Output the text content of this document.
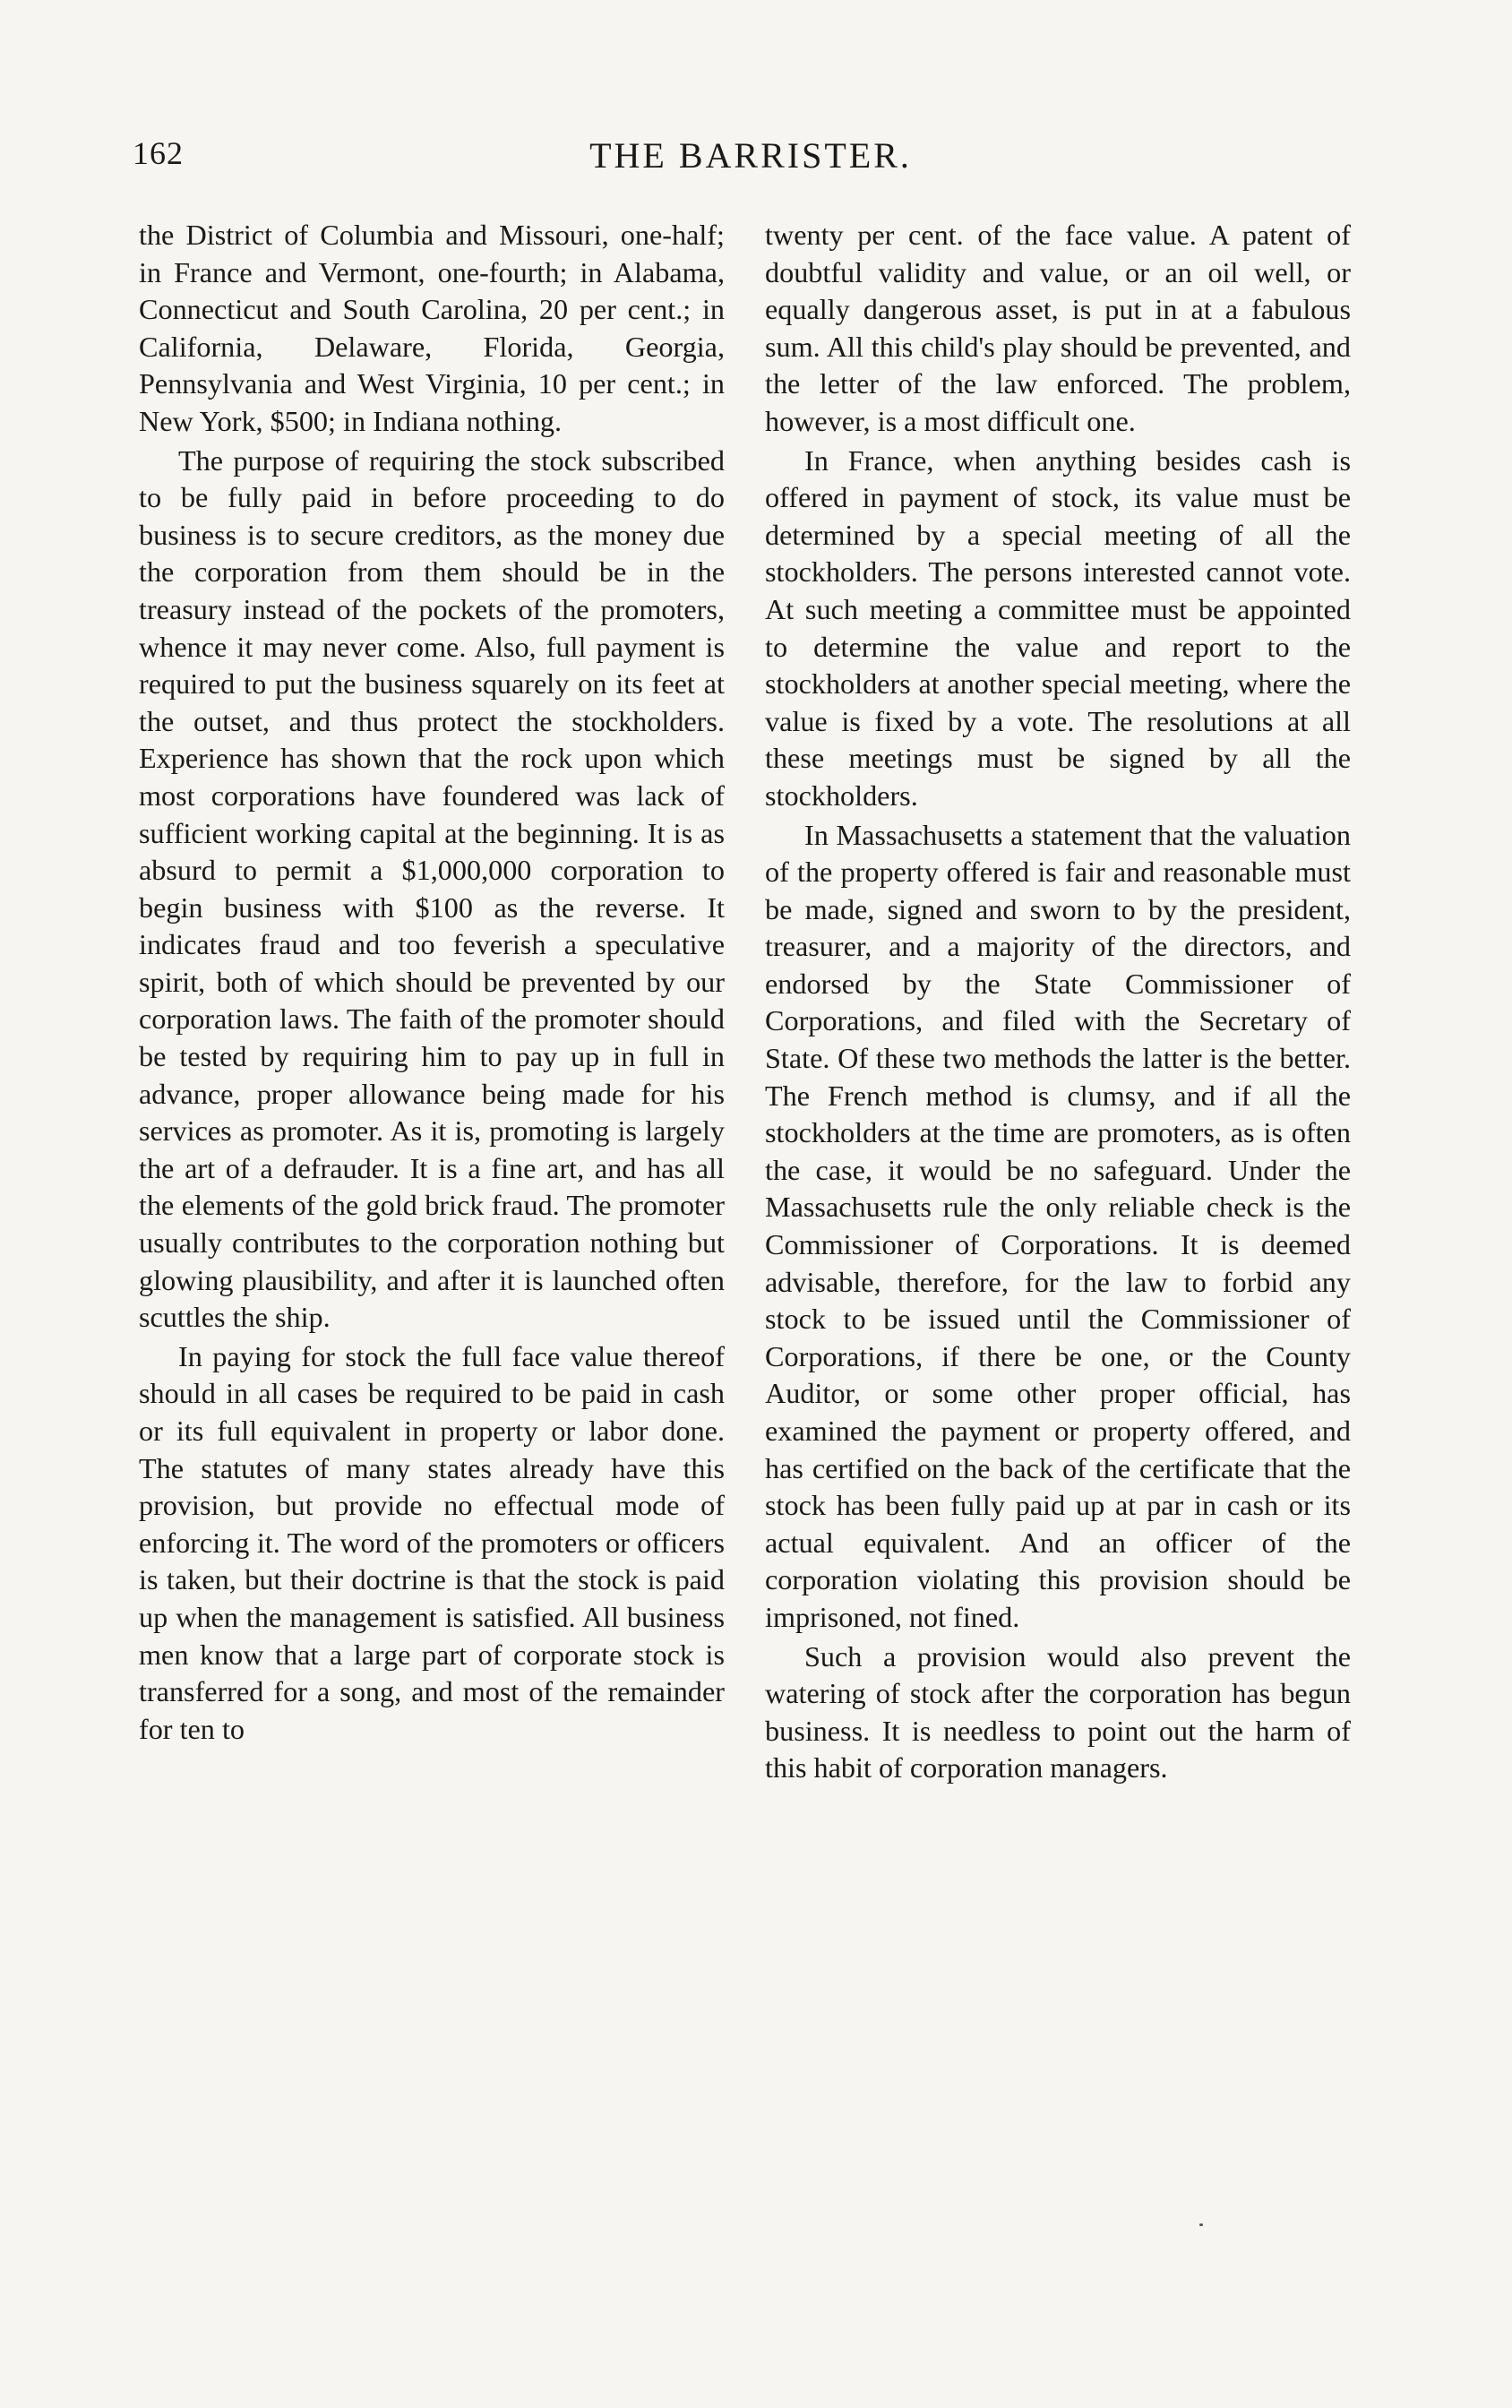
162	THE BARRISTER.

the District of Columbia and Missouri, one-half; in France and Vermont, one-fourth; in Alabama, Connecticut and South Carolina, 20 per cent.; in California, Delaware, Florida, Georgia, Pennsylvania and West Virginia, 10 per cent.; in New York, $500; in Indiana nothing.

The purpose of requiring the stock subscribed to be fully paid in before proceeding to do business is to secure creditors, as the money due the corporation from them should be in the treasury instead of the pockets of the promoters, whence it may never come. Also, full payment is required to put the business squarely on its feet at the outset, and thus protect the stockholders. Experience has shown that the rock upon which most corporations have foundered was lack of sufficient working capital at the beginning. It is as absurd to permit a $1,000,000 corporation to begin business with $100 as the reverse. It indicates fraud and too feverish a speculative spirit, both of which should be prevented by our corporation laws. The faith of the promoter should be tested by requiring him to pay up in full in advance, proper allowance being made for his services as promoter. As it is, promoting is largely the art of a defrauder. It is a fine art, and has all the elements of the gold brick fraud. The promoter usually contributes to the corporation nothing but glowing plausibility, and after it is launched often scuttles the ship.

In paying for stock the full face value thereof should in all cases be required to be paid in cash or its full equivalent in property or labor done. The statutes of many states already have this provision, but provide no effectual mode of enforcing it. The word of the promoters or officers is taken, but their doctrine is that the stock is paid up when the management is satisfied. All business men know that a large part of corporate stock is transferred for a song, and most of the remainder for ten to

twenty per cent. of the face value. A patent of doubtful validity and value, or an oil well, or equally dangerous asset, is put in at a fabulous sum. All this child's play should be prevented, and the letter of the law enforced. The problem, however, is a most difficult one.

In France, when anything besides cash is offered in payment of stock, its value must be determined by a special meeting of all the stockholders. The persons interested cannot vote. At such meeting a committee must be appointed to determine the value and report to the stockholders at another special meeting, where the value is fixed by a vote. The resolutions at all these meetings must be signed by all the stockholders.

In Massachusetts a statement that the valuation of the property offered is fair and reasonable must be made, signed and sworn to by the president, treasurer, and a majority of the directors, and endorsed by the State Commissioner of Corporations, and filed with the Secretary of State. Of these two methods the latter is the better. The French method is clumsy, and if all the stockholders at the time are promoters, as is often the case, it would be no safeguard. Under the Massachusetts rule the only reliable check is the Commissioner of Corporations. It is deemed advisable, therefore, for the law to forbid any stock to be issued until the Commissioner of Corporations, if there be one, or the County Auditor, or some other proper official, has examined the payment or property offered, and has certified on the back of the certificate that the stock has been fully paid up at par in cash or its actual equivalent. And an officer of the corporation violating this provision should be imprisoned, not fined.

Such a provision would also prevent the watering of stock after the corporation has begun business. It is needless to point out the harm of this habit of corporation managers.
